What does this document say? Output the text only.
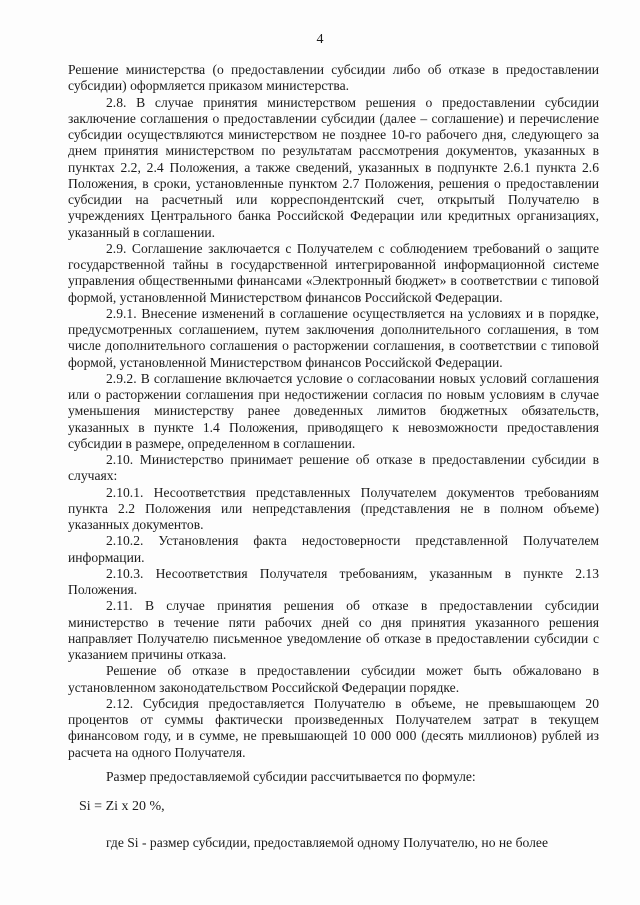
4

Решение министерства (о предоставлении субсидии либо об отказе в предоставлении субсидии) оформляется приказом министерства.

2.8. В случае принятия министерством решения о предоставлении субсидии заключение соглашения о предоставлении субсидии (далее – соглашение) и перечисление субсидии осуществляются министерством не позднее 10-го рабочего дня, следующего за днем принятия министерством по результатам рассмотрения документов, указанных в пунктах 2.2, 2.4 Положения, а также сведений, указанных в подпункте 2.6.1 пункта 2.6 Положения, в сроки, установленные пунктом 2.7 Положения, решения о предоставлении субсидии на расчетный или корреспондентский счет, открытый Получателю в учреждениях Центрального банка Российской Федерации или кредитных организациях, указанный в соглашении.

2.9. Соглашение заключается с Получателем с соблюдением требований о защите государственной тайны в государственной интегрированной информационной системе управления общественными финансами «Электронный бюджет» в соответствии с типовой формой, установленной Министерством финансов Российской Федерации.

2.9.1. Внесение изменений в соглашение осуществляется на условиях и в порядке, предусмотренных соглашением, путем заключения дополнительного соглашения, в том числе дополнительного соглашения о расторжении соглашения, в соответствии с типовой формой, установленной Министерством финансов Российской Федерации.

2.9.2. В соглашение включается условие о согласовании новых условий соглашения или о расторжении соглашения при недостижении согласия по новым условиям в случае уменьшения министерству ранее доведенных лимитов бюджетных обязательств, указанных в пункте 1.4 Положения, приводящего к невозможности предоставления субсидии в размере, определенном в соглашении.

2.10. Министерство принимает решение об отказе в предоставлении субсидии в случаях:

2.10.1. Несоответствия представленных Получателем документов требованиям пункта 2.2 Положения или непредставления (представления не в полном объеме) указанных документов.

2.10.2. Установления факта недостоверности представленной Получателем информации.

2.10.3. Несоответствия Получателя требованиям, указанным в пункте 2.13 Положения.

2.11. В случае принятия решения об отказе в предоставлении субсидии министерство в течение пяти рабочих дней со дня принятия указанного решения направляет Получателю письменное уведомление об отказе в предоставлении субсидии с указанием причины отказа.

Решение об отказе в предоставлении субсидии может быть обжаловано в установленном законодательством Российской Федерации порядке.

2.12. Субсидия предоставляется Получателю в объеме, не превышающем 20 процентов от суммы фактически произведенных Получателем затрат в текущем финансовом году, и в сумме, не превышающей 10 000 000 (десять миллионов) рублей из расчета на одного Получателя.

Размер предоставляемой субсидии рассчитывается по формуле:

Si = Zi x 20 %,

где Si - размер субсидии, предоставляемой одному Получателю, но не более
